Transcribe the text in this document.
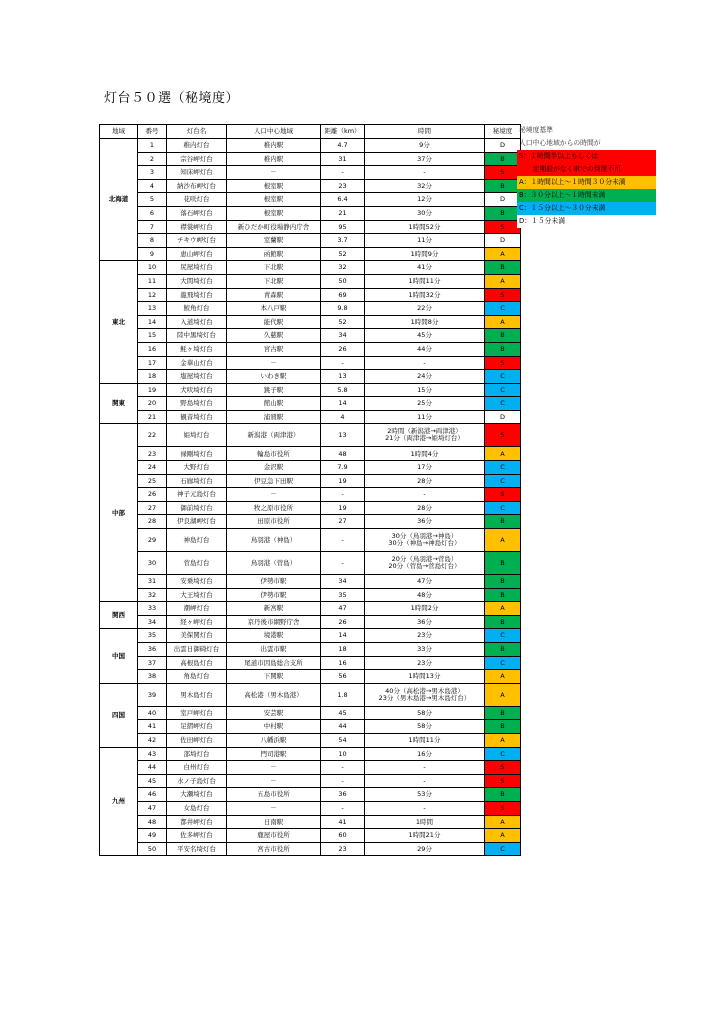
灯台５０選（秘境度）
地域	番号	灯台名	人口中心地域	距離（km）	時間	秘境度
北海道	1	稚内灯台	稚内駅	4.7	9分	D
	2	宗谷岬灯台	稚内駅	31	37分	B
	3	知床岬灯台	－	-	-	S
	4	納沙布岬灯台	根室駅	23	32分	B
	5	花咲灯台	根室駅	6.4	12分	D
	6	落石岬灯台	根室駅	21	30分	B
	7	襟裳岬灯台	新ひだか町役場静内庁舎	95	1時間52分	S
	8	チキウ岬灯台	室蘭駅	3.7	11分	D
	9	恵山岬灯台	函館駅	52	1時間9分	A
東北	10	尻屋埼灯台	下北駅	32	41分	B
	11	大間埼灯台	下北駅	50	1時間11分	A
	12	龍飛埼灯台	青森駅	69	1時間32分	S
	13	鮫角灯台	本八戸駅	9.8	22分	C
	14	入道埼灯台	能代駅	52	1時間8分	A
	15	陸中黒埼灯台	久慈駅	34	45分	B
	16	魹ヶ埼灯台	宮古駅	26	44分	B
	17	金華山灯台	－	-	-	S
	18	塩屋埼灯台	いわき駅	13	24分	C
関東	19	犬吠埼灯台	銚子駅	5.8	15分	C
	20	野島埼灯台	館山駅	14	25分	C
	21	観音埼灯台	浦賀駅	4	11分	D
中部	22	姫埼灯台	新潟港（両津港）	13	2時間（新潟港→両津港）
21分（両津港→姫埼灯台）	S
	23	禄剛埼灯台	輪島市役所	48	1時間4分	A
	24	大野灯台	金沢駅	7.9	17分	C
	25	石廊埼灯台	伊豆急下田駅	19	28分	C
	26	神子元島灯台	－	-	-	S
	27	御前埼灯台	牧之原市役所	19	28分	C
	28	伊良湖岬灯台	田原市役所	27	36分	B
	29	神島灯台	鳥羽港（神島）	-	30分（鳥羽港→神島）
30分（神島→神島灯台）	A
	30	菅島灯台	鳥羽港（菅島）	-	20分（鳥羽港→菅島）
20分（菅島→菅島灯台）	B
	31	安乗埼灯台	伊勢市駅	34	47分	B
	32	大王埼灯台	伊勢市駅	35	48分	B
関西	33	潮岬灯台	新宮駅	47	1時間2分	A
	34	経ヶ岬灯台	京丹後市網野庁舎	26	36分	B
中国	35	美保関灯台	境港駅	14	23分	C
	36	出雲日御碕灯台	出雲市駅	18	33分	B
	37	高根島灯台	尾道市因島総合支所	16	23分	C
	38	角島灯台	下関駅	56	1時間13分	A
四国	39	男木島灯台	高松港（男木島港）	1.8	40分（高松港→男木島港）
23分（男木島港→男木島灯台）	A
	40	室戸岬灯台	安芸駅	45	58分	B
	41	足摺岬灯台	中村駅	44	58分	B
	42	佐田岬灯台	八幡浜駅	54	1時間11分	A
九州	43	部埼灯台	門司港駅	10	16分	C
	44	白州灯台	－	-	-	S
	45	水ノ子島灯台	－	-	-	S
	46	大瀬埼灯台	五島市役所	36	53分	B
	47	女島灯台	－	-	-	S
	48	都井岬灯台	日南駅	41	1時間	A
	49	佐多岬灯台	鹿屋市役所	60	1時間21分	A
	50	平安名埼灯台	宮古市役所	23	29分	C
秘境度基準
人口中心地域からの時間が
S：１時間半以上もしくは
　　定期船がなく車での到達不可
A：１時間以上～１時間３０分未満
B：３０分以上～１時間未満
C：１５分以上～３０分未満
D：１５分未満
